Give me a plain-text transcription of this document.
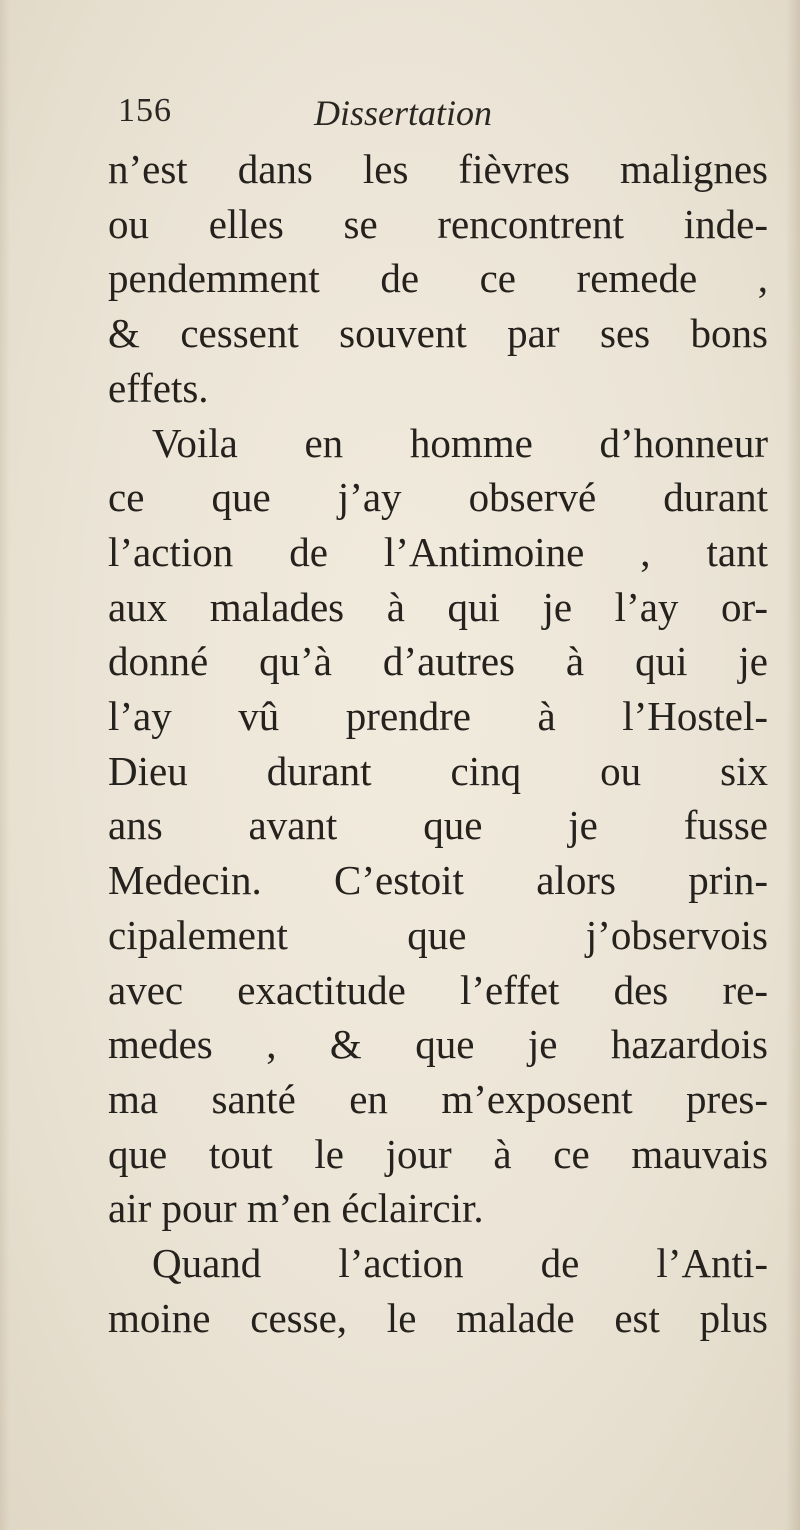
156	Dissertation
n’est dans les fièvres malignes
ou elles se rencontrent inde-
pendemment de ce remede ,
& cessent souvent par ses bons
effets.
Voila en homme d’honneur
ce que j’ay observé durant
l’action de l’Antimoine , tant
aux malades à qui je l’ay or-
donné qu’à d’autres à qui je
l’ay vû prendre à l’Hostel-
Dieu durant cinq ou six
ans avant que je fusse
Medecin. C’estoit alors prin-
cipalement que j’observois
avec exactitude l’effet des re-
medes , & que je hazardois
ma santé en m’exposent pres-
que tout le jour à ce mauvais
air pour m’en éclaircir.
Quand l’action de l’Anti-
moine cesse, le malade est plus
